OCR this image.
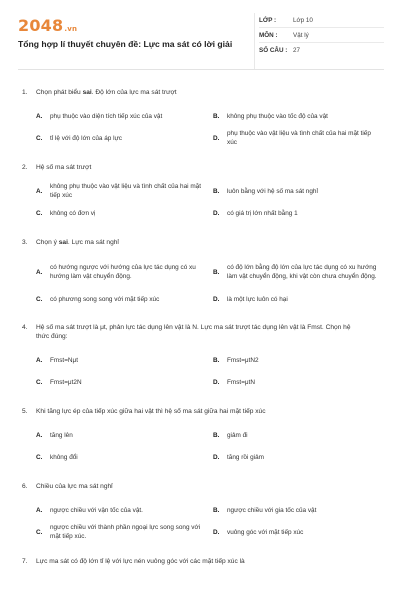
2048.vn
Tổng hợp lí thuyết chuyên đề: Lực ma sát có lời giải
LỚP :	Lớp 10
MÔN :	Vật lý
SỐ CÂU : 27
1.	Chọn phát biểu sai. Độ lớn của lực ma sát trượt
A.	phụ thuộc vào diện tích tiếp xúc của vật	B.	không phụ thuộc vào tốc độ của vật
C.	tỉ lệ với độ lớn của áp lực	D.
phụ thuộc vào vật liệu và tình chất của hai mặt tiếp xúc
2.	Hệ số ma sát trượt
A.
không phụ thuộc vào vật liệu và tình chất của hai mặt tiếp xúc
B.	luôn bằng với hệ số ma sát nghỉ
C.	không có đơn vị	D.	có giá trị lớn nhất bằng 1
3.	Chọn ý sai. Lực ma sát nghỉ
A.
có hướng ngược với hướng của lực tác dụng có xu hướng làm vật chuyển động.
B.
có độ lớn bằng độ lớn của lực tác dụng có xu hướng làm vật chuyển động, khi vật còn chưa chuyển động.
C.	có phương song song với mặt tiếp xúc	D.	là một lực luôn có hại
4.	Hệ số ma sát trượt là μt, phản lực tác dụng lên vật là N. Lực ma sát trượt tác dụng lên vật là Fmst. Chọn hệ thức đúng:
A.	Fmst=Nμt	B.	Fmst=μtN2
C.	Fmst=μt2N	D.	Fmst=μtN
5.	Khi tăng lực ép của tiếp xúc giữa hai vật thì hệ số ma sát giữa hai mặt tiếp xúc
A.	tăng lên	B.	giảm đi
C.	không đổi	D.	tăng rồi giảm
6.	Chiều của lực ma sát nghỉ
A.	ngược chiều với vận tốc của vật.	B.	ngược chiều với gia tốc của vật
C.
ngược chiều với thành phần ngoại lực song song với mặt tiếp xúc.
D.	vuông góc với mặt tiếp xúc
7.	Lực ma sát có độ lớn tỉ lệ với lực nén vuông góc với các mặt tiếp xúc là
